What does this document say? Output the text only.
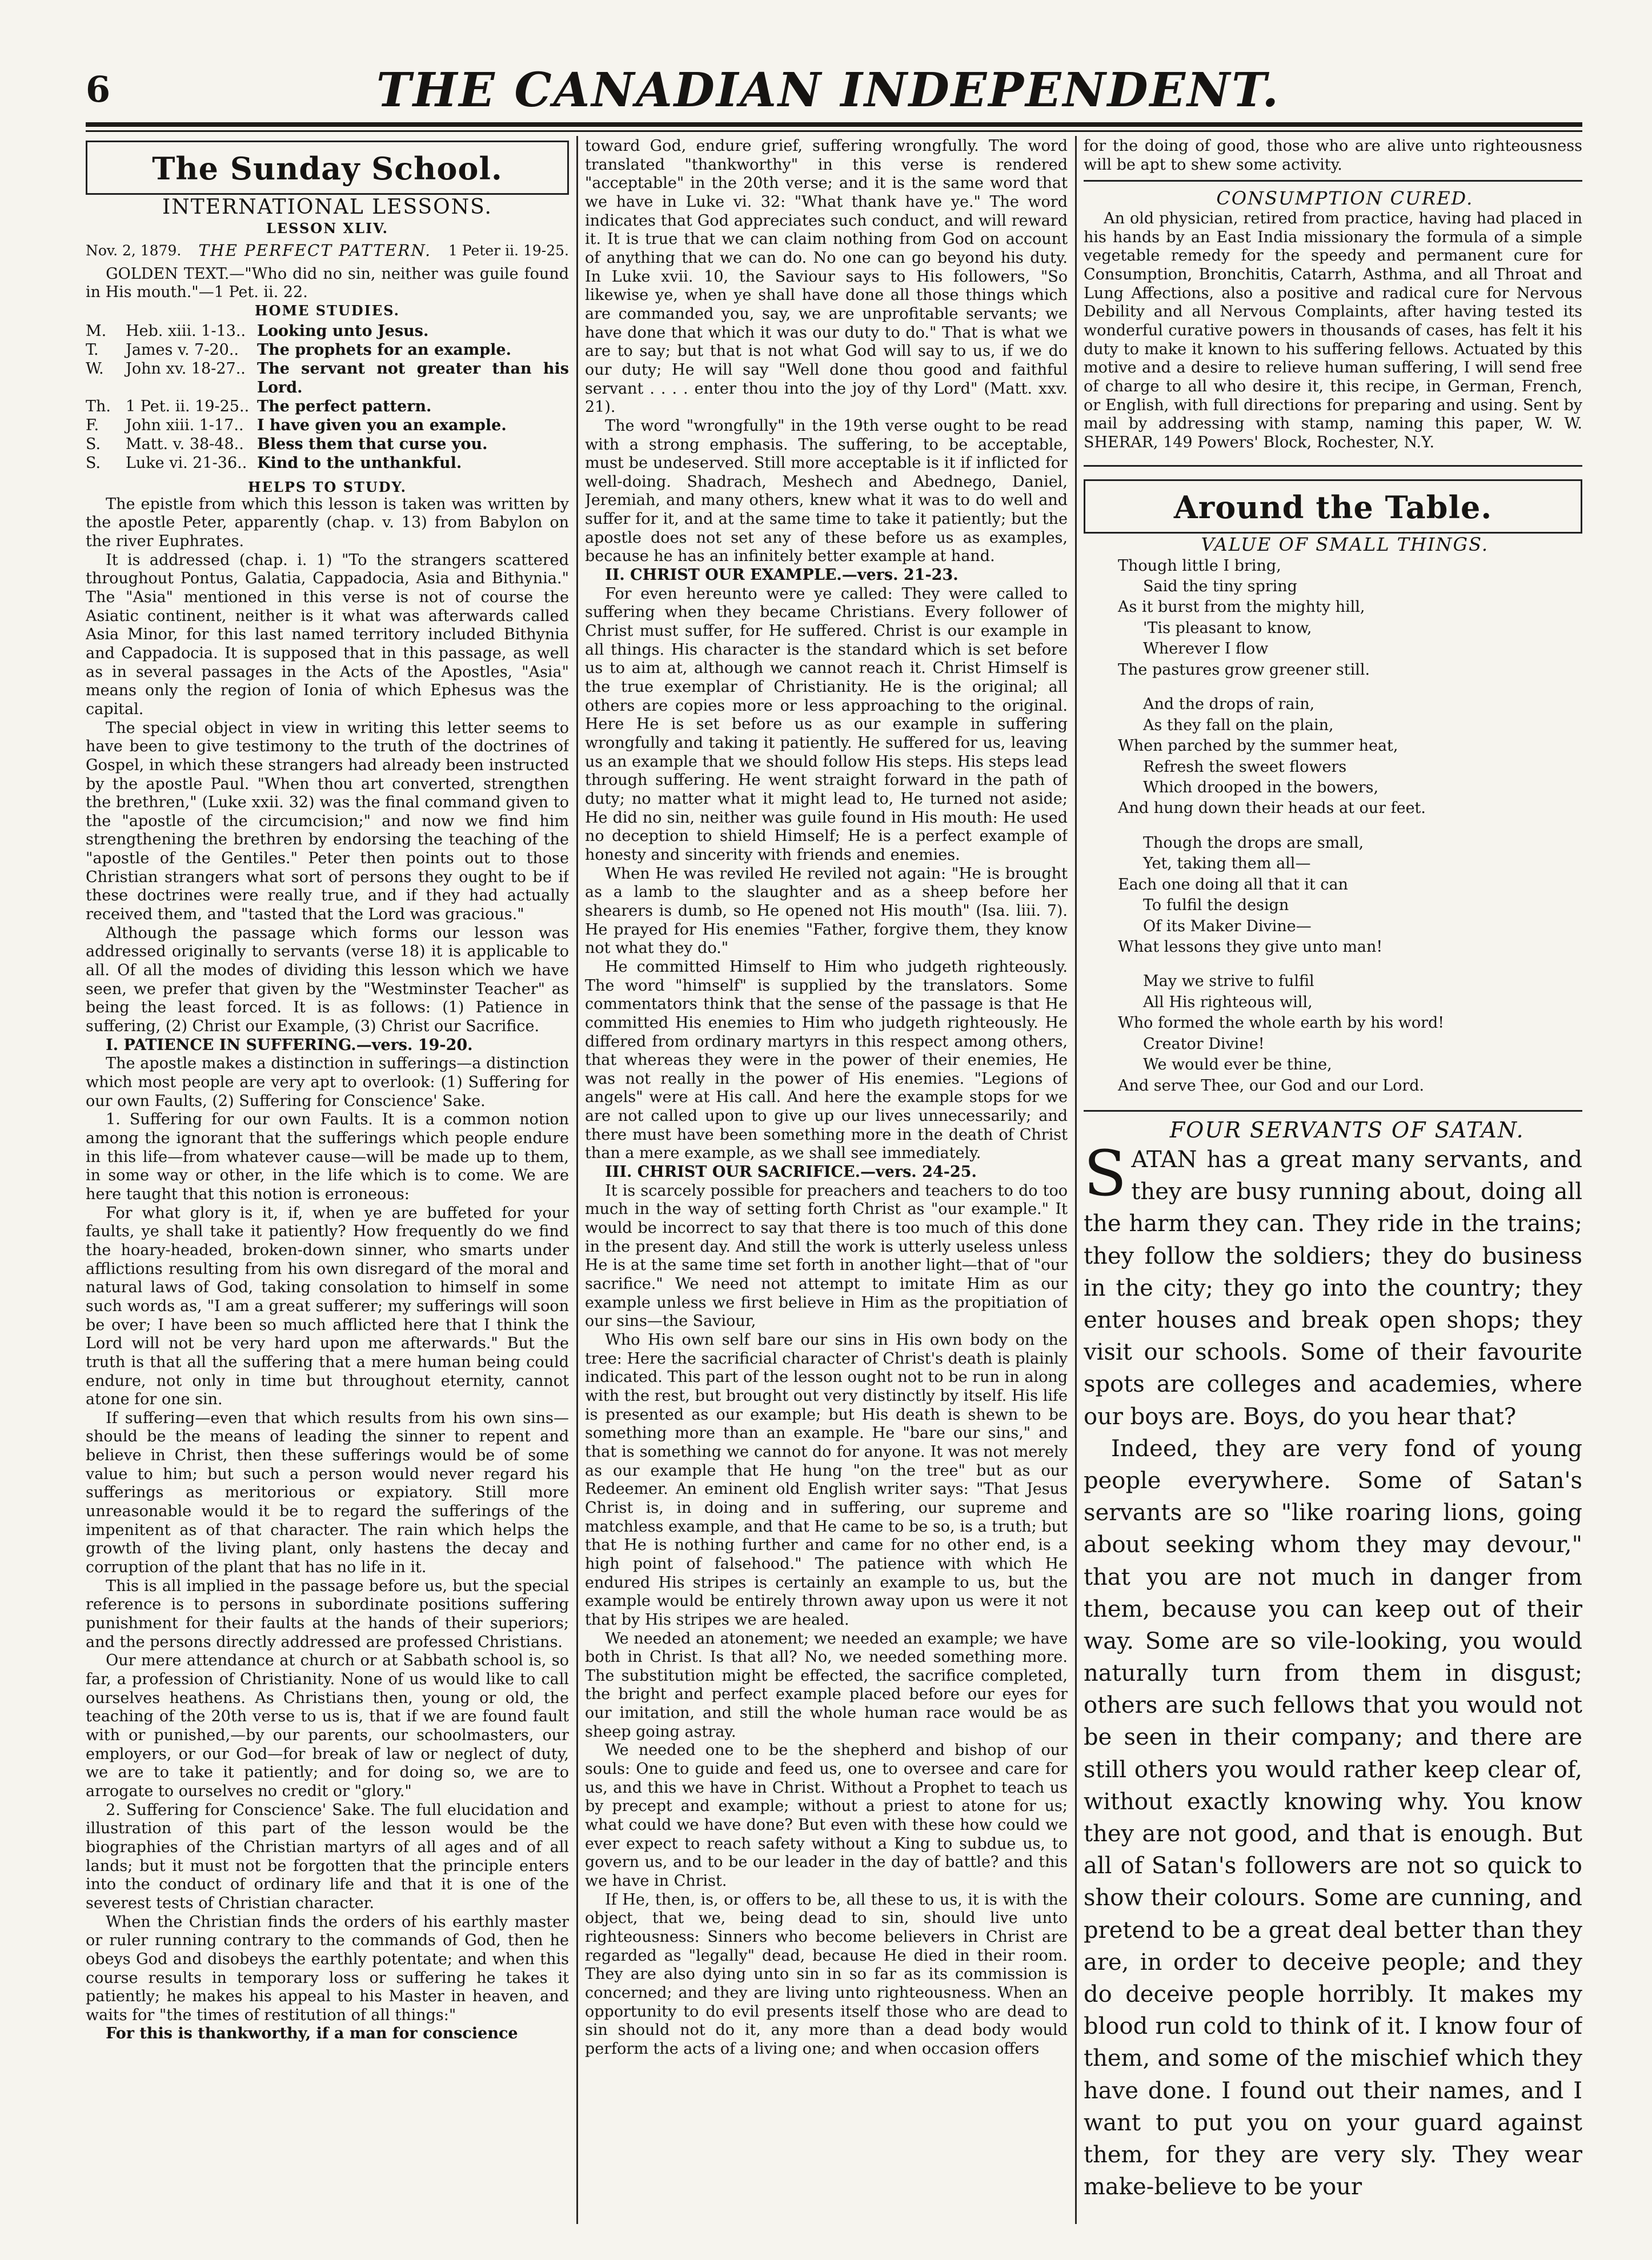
6	THE CANADIAN INDEPENDENT.
The Sunday School.

INTERNATIONAL LESSONS.

LESSON XLIV.

Nov. 2, 1879. THE PERFECT PATTERN. 1 Peter ii. 19-25.

GOLDEN TEXT.—"Who did no sin, neither was guile found in His mouth."—1 Pet. ii. 22.

HOME STUDIES.

M.	Heb. xiii. 1-13.. Looking unto Jesus.
T.	James v. 7-20..	The prophets for an example.
W.	John xv. 18-27.. The servant not greater than his Lord.
Th. 1 Pet. ii. 19-25.. The perfect pattern.
F.	John xiii. 1-17.. I have given you an example.
S.	Matt. v. 38-48.. Bless them that curse you.
S.	Luke vi. 21-36.. Kind to the unthankful.

HELPS TO STUDY.

The epistle from which this lesson is taken was written by the apostle Peter, apparently (chap. v. 13) from Babylon on the river Euphrates.

It is addressed (chap. i. 1) "To the strangers scattered throughout Pontus, Galatia, Cappadocia, Asia and Bithynia." The "Asia" mentioned in this verse is not of course the Asiatic continent, neither is it what was afterwards called Asia Minor, for this last named territory included Bithynia and Cappadocia. It is supposed that in this passage, as well as in several passages in the Acts of the Apostles, "Asia" means only the region of Ionia of which Ephesus was the capital.

The special object in view in writing this letter seems to have been to give testimony to the truth of the doctrines of Gospel, in which these strangers had already been instructed by the apostle Paul. "When thou art converted, strengthen the brethren," (Luke xxii. 32) was the final command given to the "apostle of the circumcision;" and now we find him strengthening the brethren by endorsing the teaching of the "apostle of the Gentiles." Peter then points out to those Christian strangers what sort of persons they ought to be if these doctrines were really true, and if they had actually received them, and "tasted that the Lord was gracious."

Although the passage which forms our lesson was addressed originally to servants (verse 18) it is applicable to all. Of all the modes of dividing this lesson which we have seen, we prefer that given by the "Westminster Teacher" as being the least forced. It is as follows: (1) Patience in suffering, (2) Christ our Example, (3) Christ our Sacrifice.

I. PATIENCE IN SUFFERING.—vers. 19-20.

The apostle makes a distinction in sufferings—a distinction which most people are very apt to overlook: (1) Suffering for our own Faults, (2) Suffering for Conscience' Sake.

1. Suffering for our own Faults. It is a common notion among the ignorant that the sufferings which people endure in this life—from whatever cause—will be made up to them, in some way or other, in the life which is to come. We are here taught that this notion is erroneous:

For what glory is it, if, when ye are buffeted for your faults, ye shall take it patiently? How frequently do we find the hoary-headed, broken-down sinner, who smarts under afflictions resulting from his own disregard of the moral and natural laws of God, taking consolation to himself in some such words as, "I am a great sufferer; my sufferings will soon be over; I have been so much afflicted here that I think the Lord will not be very hard upon me afterwards." But the truth is that all the suffering that a mere human being could endure, not only in time but throughout eternity, cannot atone for one sin.

If suffering—even that which results from his own sins—should be the means of leading the sinner to repent and believe in Christ, then these sufferings would be of some value to him; but such a person would never regard his sufferings as meritorious or expiatory. Still more unreasonable would it be to regard the sufferings of the impenitent as of that character. The rain which helps the growth of the living plant, only hastens the decay and corruption of the plant that has no life in it.

This is all implied in the passage before us, but the special reference is to persons in subordinate positions suffering punishment for their faults at the hands of their superiors; and the persons directly addressed are professed Christians.

Our mere attendance at church or at Sabbath school is, so far, a profession of Christianity. None of us would like to call ourselves heathens. As Christians then, young or old, the teaching of the 20th verse to us is, that if we are found fault with or punished,—by our parents, our schoolmasters, our employers, or our God—for break of law or neglect of duty, we are to take it patiently; and for doing so, we are to arrogate to ourselves no credit or "glory."

2. Suffering for Conscience' Sake. The full elucidation and illustration of this part of the lesson would be the biographies of the Christian martyrs of all ages and of all lands; but it must not be forgotten that the principle enters into the conduct of ordinary life and that it is one of the severest tests of Christian character.

When the Christian finds the orders of his earthly master or ruler running contrary to the commands of God, then he obeys God and disobeys the earthly potentate; and when this course results in temporary loss or suffering he takes it patiently; he makes his appeal to his Master in heaven, and waits for "the times of restitution of all things:"

For this is thankworthy, if a man for conscience

toward God, endure grief, suffering wrongfully. The word translated "thankworthy" in this verse is rendered "acceptable" in the 20th verse; and it is the same word that we have in Luke vi. 32: "What thank have ye." The word indicates that God appreciates such conduct, and will reward it. It is true that we can claim nothing from God on account of anything that we can do. No one can go beyond his duty. In Luke xvii. 10, the Saviour says to His followers, "So likewise ye, when ye shall have done all those things which are commanded you, say, we are unprofitable servants; we have done that which it was our duty to do." That is what we are to say; but that is not what God will say to us, if we do our duty; He will say "Well done thou good and faithful servant . . . . enter thou into the joy of thy Lord" (Matt. xxv. 21).

The word "wrongfully" in the 19th verse ought to be read with a strong emphasis. The suffering, to be acceptable, must be undeserved. Still more acceptable is it if inflicted for well-doing. Shadrach, Meshech and Abednego, Daniel, Jeremiah, and many others, knew what it was to do well and suffer for it, and at the same time to take it patiently; but the apostle does not set any of these before us as examples, because he has an infinitely better example at hand.

II. CHRIST OUR EXAMPLE.—vers. 21-23.

For even hereunto were ye called: They were called to suffering when they became Christians. Every follower of Christ must suffer, for He suffered. Christ is our example in all things. His character is the standard which is set before us to aim at, although we cannot reach it. Christ Himself is the true exemplar of Christianity. He is the original; all others are copies more or less approaching to the original. Here He is set before us as our example in suffering wrongfully and taking it patiently. He suffered for us, leaving us an example that we should follow His steps. His steps lead through suffering. He went straight forward in the path of duty; no matter what it might lead to, He turned not aside; He did no sin, neither was guile found in His mouth: He used no deception to shield Himself; He is a perfect example of honesty and sincerity with friends and enemies.

When He was reviled He reviled not again: "He is brought as a lamb to the slaughter and as a sheep before her shearers is dumb, so He opened not His mouth" (Isa. liii. 7). He prayed for His enemies "Father, forgive them, they know not what they do."

He committed Himself to Him who judgeth righteously. The word "himself" is supplied by the translators. Some commentators think that the sense of the passage is that He committed His enemies to Him who judgeth righteously. He differed from ordinary martyrs in this respect among others, that whereas they were in the power of their enemies, He was not really in the power of His enemies. "Legions of angels" were at His call. And here the example stops for we are not called upon to give up our lives unnecessarily; and there must have been something more in the death of Christ than a mere example, as we shall see immediately.

III. CHRIST OUR SACRIFICE.—vers. 24-25.

It is scarcely possible for preachers and teachers to do too much in the way of setting forth Christ as "our example." It would be incorrect to say that there is too much of this done in the present day. And still the work is utterly useless unless He is at the same time set forth in another light—that of "our sacrifice." We need not attempt to imitate Him as our example unless we first believe in Him as the propitiation of our sins—the Saviour,

Who His own self bare our sins in His own body on the tree: Here the sacrificial character of Christ's death is plainly indicated. This part of the lesson ought not to be run in along with the rest, but brought out very distinctly by itself. His life is presented as our example; but His death is shewn to be something more than an example. He "bare our sins," and that is something we cannot do for anyone. It was not merely as our example that He hung "on the tree" but as our Redeemer. An eminent old English writer says: "That Jesus Christ is, in doing and in suffering, our supreme and matchless example, and that He came to be so, is a truth; but that He is nothing further and came for no other end, is a high point of falsehood." The patience with which He endured His stripes is certainly an example to us, but the example would be entirely thrown away upon us were it not that by His stripes we are healed.

We needed an atonement; we needed an example; we have both in Christ. Is that all? No, we needed something more. The substitution might be effected, the sacrifice completed, the bright and perfect example placed before our eyes for our imitation, and still the whole human race would be as sheep going astray.

We needed one to be the shepherd and bishop of our souls: One to guide and feed us, one to oversee and care for us, and this we have in Christ. Without a Prophet to teach us by precept and example; without a priest to atone for us; what could we have done? But even with these how could we ever expect to reach safety without a King to subdue us, to govern us, and to be our leader in the day of battle? and this we have in Christ.

If He, then, is, or offers to be, all these to us, it is with the object, that we, being dead to sin, should live unto righteousness: Sinners who become believers in Christ are regarded as "legally" dead, because He died in their room. They are also dying unto sin in so far as its commission is concerned; and they are living unto righteousness. When an opportunity to do evil presents itself those who are dead to sin should not do it, any more than a dead body would perform the acts of a living one; and when occasion offers

for the doing of good, those who are alive unto righteousness will be apt to shew some activity.

CONSUMPTION CURED.

An old physician, retired from practice, having had placed in his hands by an East India missionary the formula of a simple vegetable remedy for the speedy and permanent cure for Consumption, Bronchitis, Catarrh, Asthma, and all Throat and Lung Affections, also a positive and radical cure for Nervous Debility and all Nervous Complaints, after having tested its wonderful curative powers in thousands of cases, has felt it his duty to make it known to his suffering fellows. Actuated by this motive and a desire to relieve human suffering, I will send free of charge to all who desire it, this recipe, in German, French, or English, with full directions for preparing and using. Sent by mail by addressing with stamp, naming this paper, W. W. SHERAR, 149 Powers' Block, Rochester, N.Y.

Around the Table.

VALUE OF SMALL THINGS.

Though little I bring,
Said the tiny spring
As it burst from the mighty hill,
'Tis pleasant to know,
Wherever I flow
The pastures grow greener still.
And the drops of rain,
As they fall on the plain,
When parched by the summer heat,
Refresh the sweet flowers
Which drooped in the bowers,
And hung down their heads at our feet.
Though the drops are small,
Yet, taking them all—
Each one doing all that it can
To fulfil the design
Of its Maker Divine—
What lessons they give unto man!
May we strive to fulfil
All His righteous will,
Who formed the whole earth by his word!
Creator Divine!
We would ever be thine,
And serve Thee, our God and our Lord.

FOUR SERVANTS OF SATAN.

SATAN has a great many servants, and they are busy running about, doing all the harm they can. They ride in the trains; they follow the soldiers; they do business in the city; they go into the country; they enter houses and break open shops; they visit our schools. Some of their favourite spots are colleges and academies, where our boys are. Boys, do you hear that?

Indeed, they are very fond of young people everywhere. Some of Satan's servants are so "like roaring lions, going about seeking whom they may devour," that you are not much in danger from them, because you can keep out of their way. Some are so vile-looking, you would naturally turn from them in disgust; others are such fellows that you would not be seen in their company; and there are still others you would rather keep clear of, without exactly knowing why. You know they are not good, and that is enough. But all of Satan's followers are not so quick to show their colours. Some are cunning, and pretend to be a great deal better than they are, in order to deceive people; and they do deceive people horribly. It makes my blood run cold to think of it. I know four of them, and some of the mischief which they have done. I found out their names, and I want to put you on your guard against them, for they are very sly. They wear make-believe to be your
